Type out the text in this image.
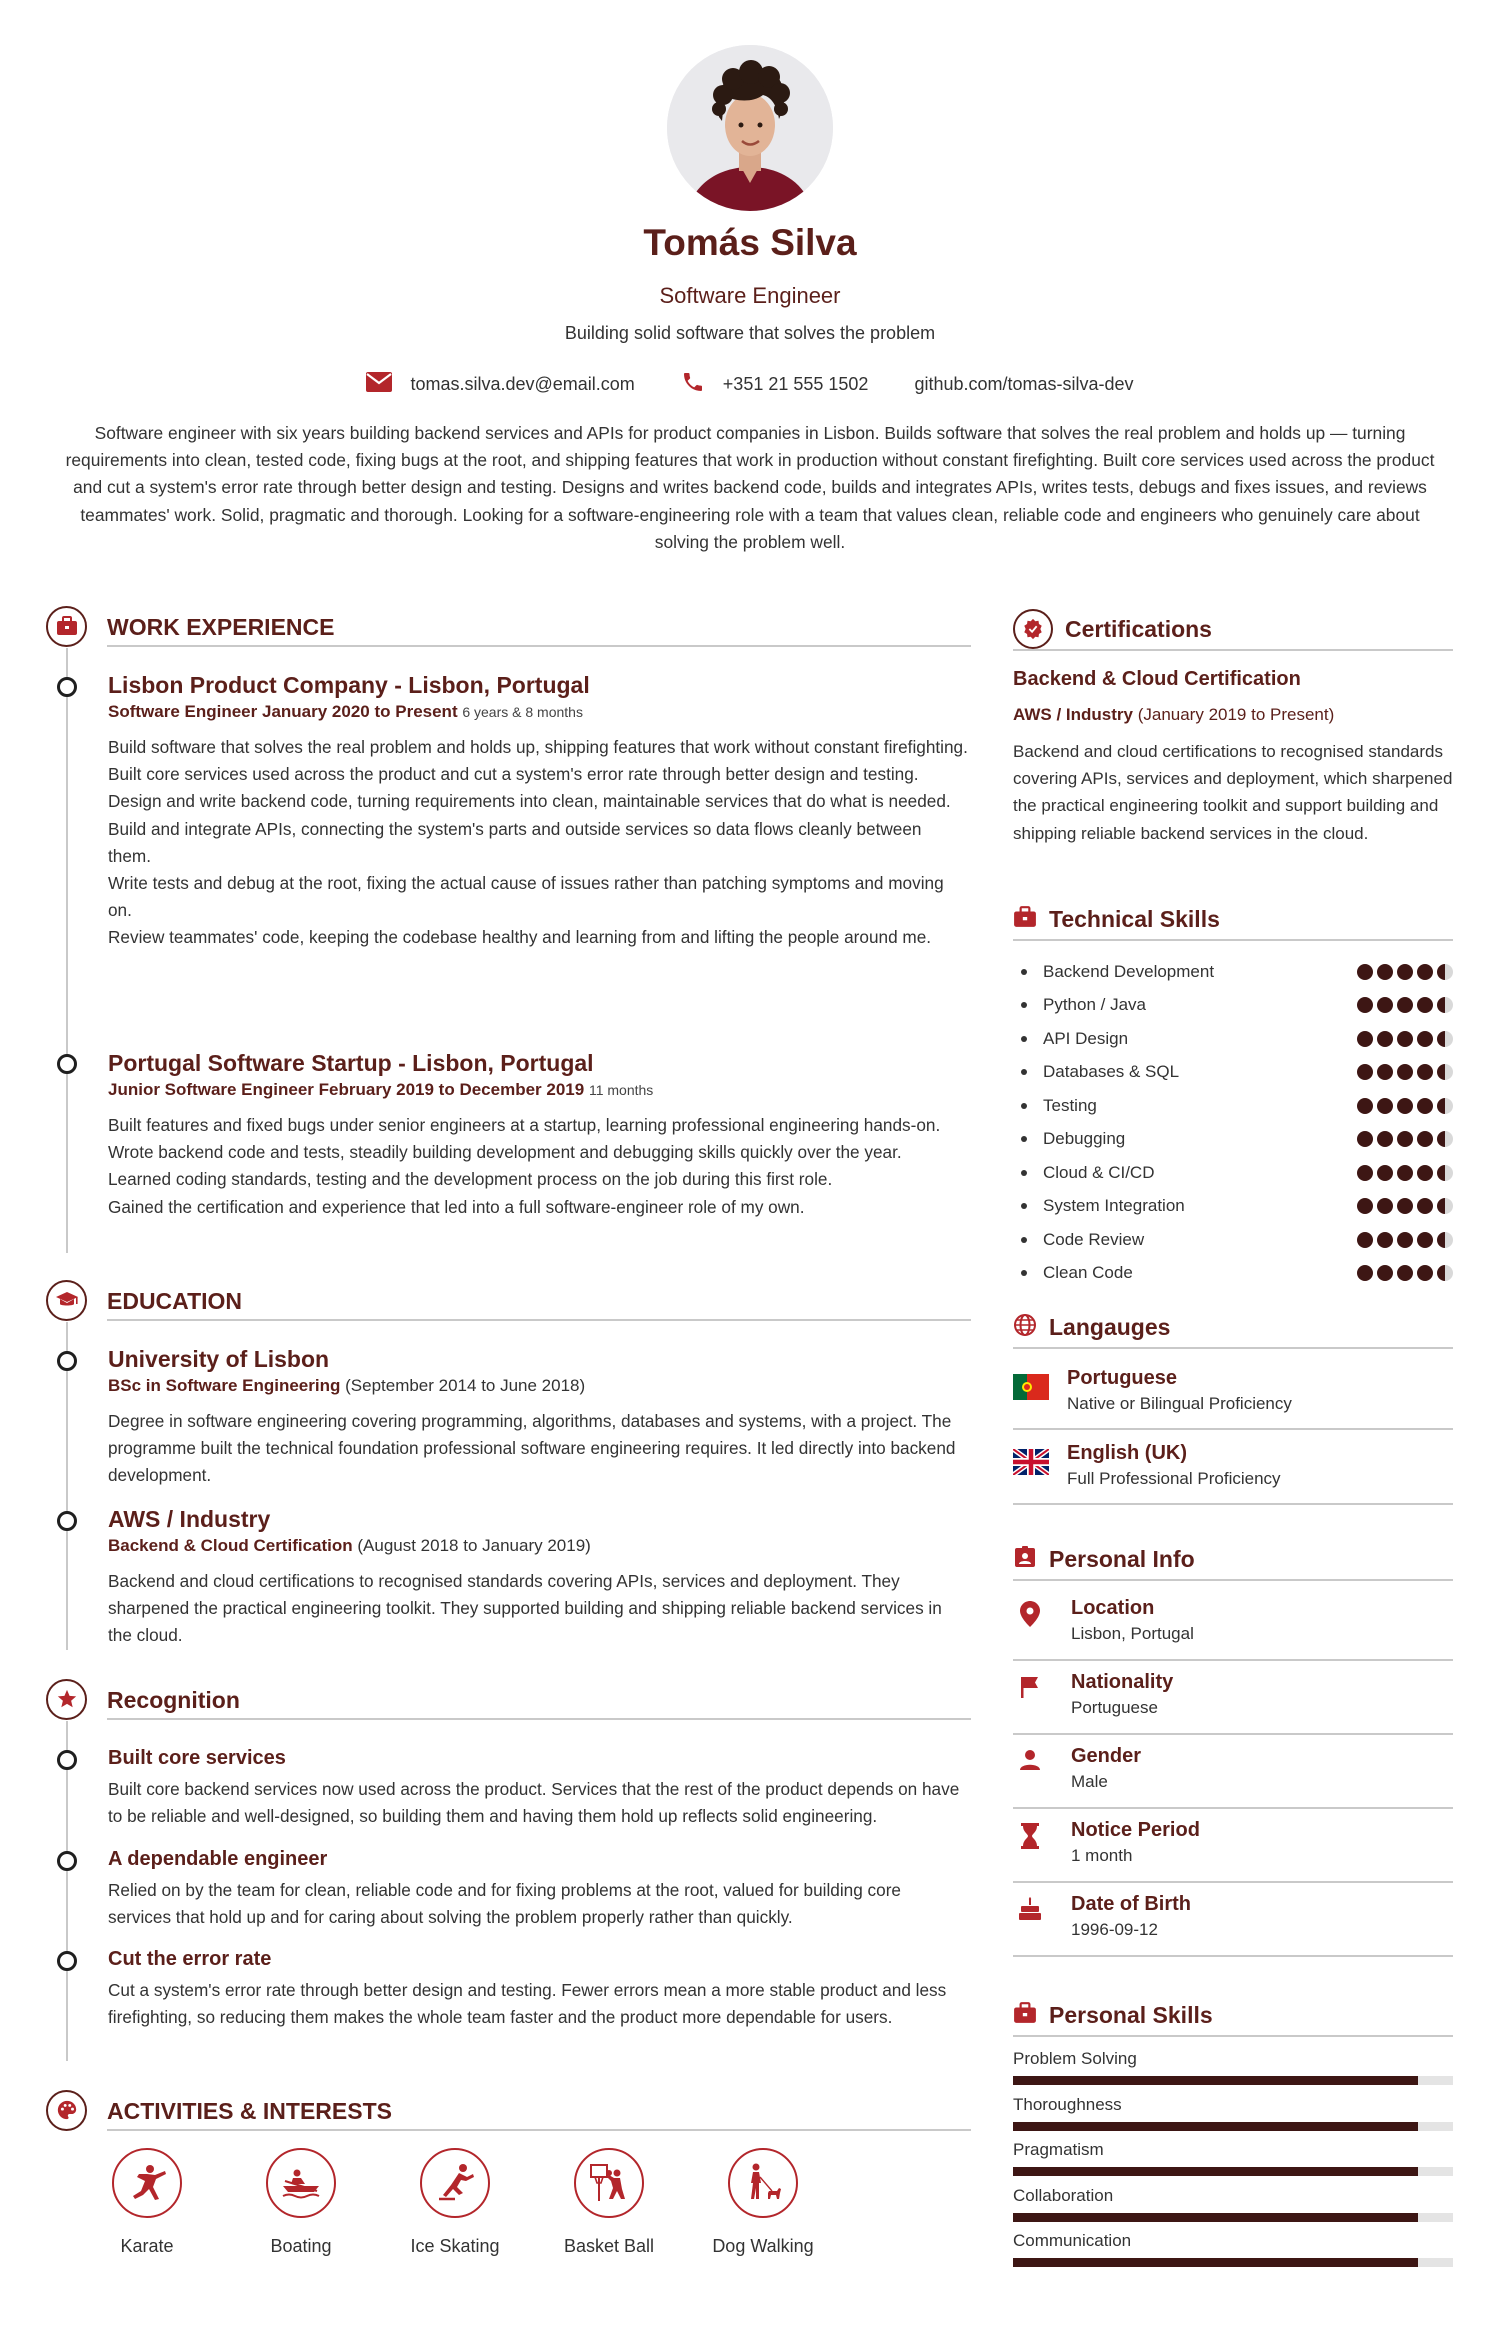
Tomás Silva
Software Engineer
Building solid software that solves the problem
tomas.silva.dev@email.com	+351 21 555 1502	github.com/tomas-silva-dev
Software engineer with six years building backend services and APIs for product companies in Lisbon. Builds software that solves the real problem and holds up — turning requirements into clean, tested code, fixing bugs at the root, and shipping features that work in production without constant firefighting. Built core services used across the product and cut a system's error rate through better design and testing. Designs and writes backend code, builds and integrates APIs, writes tests, debugs and fixes issues, and reviews teammates' work. Solid, pragmatic and thorough. Looking for a software-engineering role with a team that values clean, reliable code and engineers who genuinely care about solving the problem well.
WORK EXPERIENCE
Lisbon Product Company - Lisbon, Portugal
Software Engineer January 2020 to Present 6 years & 8 months

Build software that solves the real problem and holds up, shipping features that work without constant firefighting.

Built core services used across the product and cut a system's error rate through better design and testing.

Design and write backend code, turning requirements into clean, maintainable services that do what is needed.

Build and integrate APIs, connecting the system's parts and outside services so data flows cleanly between them.

Write tests and debug at the root, fixing the actual cause of issues rather than patching symptoms and moving on.

Review teammates' code, keeping the codebase healthy and learning from and lifting the people around me.

Portugal Software Startup - Lisbon, Portugal
Junior Software Engineer February 2019 to December 2019 11 months

Built features and fixed bugs under senior engineers at a startup, learning professional engineering hands-on.

Wrote backend code and tests, steadily building development and debugging skills quickly over the year.

Learned coding standards, testing and the development process on the job during this first role.

Gained the certification and experience that led into a full software-engineer role of my own.

EDUCATION
University of Lisbon
BSc in Software Engineering (September 2014 to June 2018)
Degree in software engineering covering programming, algorithms, databases and systems, with a project. The programme built the technical foundation professional software engineering requires. It led directly into backend development.
AWS / Industry
Backend & Cloud Certification (August 2018 to January 2019)
Backend and cloud certifications to recognised standards covering APIs, services and deployment. They sharpened the practical engineering toolkit. They supported building and shipping reliable backend services in the cloud.
Recognition
Built core services
Built core backend services now used across the product. Services that the rest of the product depends on have to be reliable and well-designed, so building them and having them hold up reflects solid engineering.
A dependable engineer
Relied on by the team for clean, reliable code and for fixing problems at the root, valued for building core services that hold up and for caring about solving the problem properly rather than quickly.
Cut the error rate
Cut a system's error rate through better design and testing. Fewer errors mean a more stable product and less firefighting, so reducing them makes the whole team faster and the product more dependable for users.
ACTIVITIES & INTERESTS
Karate	Boating	Ice Skating	Basket Ball	Dog Walking
Certifications
Backend & Cloud Certification
AWS / Industry (January 2019 to Present)
Backend and cloud certifications to recognised standards covering APIs, services and deployment, which sharpened the practical engineering toolkit and support building and shipping reliable backend services in the cloud.
Technical Skills
Backend Development
Python / Java
API Design
Databases & SQL
Testing
Debugging
Cloud & CI/CD
System Integration
Code Review
Clean Code
Langauges
Portuguese
Native or Bilingual Proficiency
English (UK)
Full Professional Proficiency
Personal Info
Location
Lisbon, Portugal
Nationality
Portuguese
Gender
Male
Notice Period
1 month
Date of Birth
1996-09-12
Personal Skills
Problem Solving
Thoroughness
Pragmatism
Collaboration
Communication
